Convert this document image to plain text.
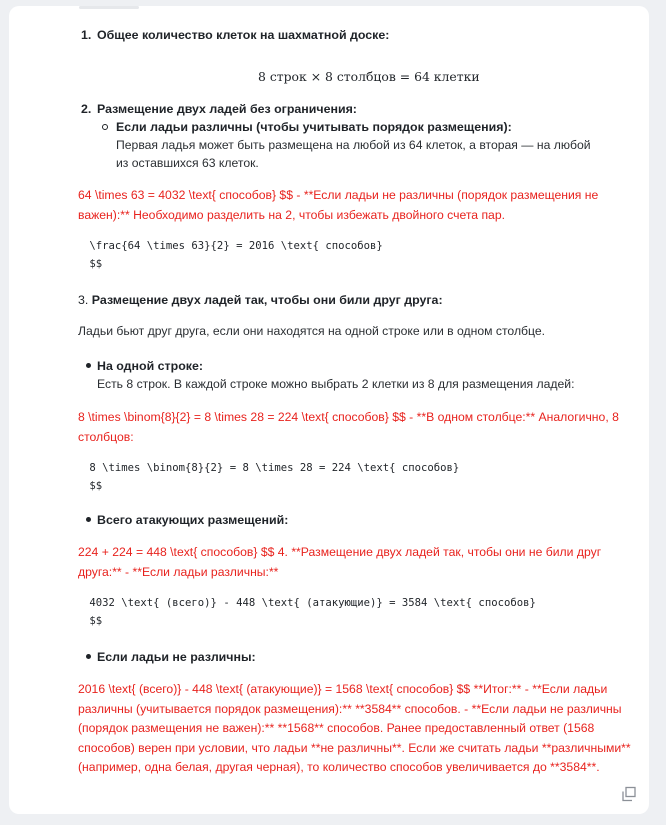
1. Общее количество клеток на шахматной доске:
8 строк × 8 столбцов = 64 клетки
2. Размещение двух ладей без ограничения:
Если ладьи различны (чтобы учитывать порядок размещения):

Первая ладья может быть размещена на любой из 64 клеток, а вторая — на любой из оставшихся 63 клеток.

64 \times 63 = 4032 \text{ способов} $$ - **Если ладьи не различны (порядок размещения не важен):** Необходимо разделить на 2, чтобы избежать двойного счета пар.

\frac{64 \times 63}{2} = 2016 \text{ способов}
$$
3. Размещение двух ладей так, чтобы они били друг друга:

Ладьи бьют друг друга, если они находятся на одной строке или в одном столбце.

На одной строке:

Есть 8 строк. В каждой строке можно выбрать 2 клетки из 8 для размещения ладей:

8 \times \binom{8}{2} = 8 \times 28 = 224 \text{ способов} $$ - **В одном столбце:** Аналогично, 8 столбцов:

8 \times \binom{8}{2} = 8 \times 28 = 224 \text{ способов}
$$
Всего атакующих размещений:

224 + 224 = 448 \text{ способов} $$ 4. **Размещение двух ладей так, чтобы они не били друг друга:** - **Если ладьи различны:**

4032 \text{ (всего)} - 448 \text{ (атакующие)} = 3584 \text{ способов}
$$
Если ладьи не различны:

2016 \text{ (всего)} - 448 \text{ (атакующие)} = 1568 \text{ способов} $$ **Итог:** - **Если ладьи различны (учитывается порядок размещения):** **3584** способов. - **Если ладьи не различны (порядок размещения не важен):** **1568** способов. Ранее предоставленный ответ (1568 способов) верен при условии, что ладьи **не различны**. Если же считать ладьи **различными** (например, одна белая, другая черная), то количество способов увеличивается до **3584**.
